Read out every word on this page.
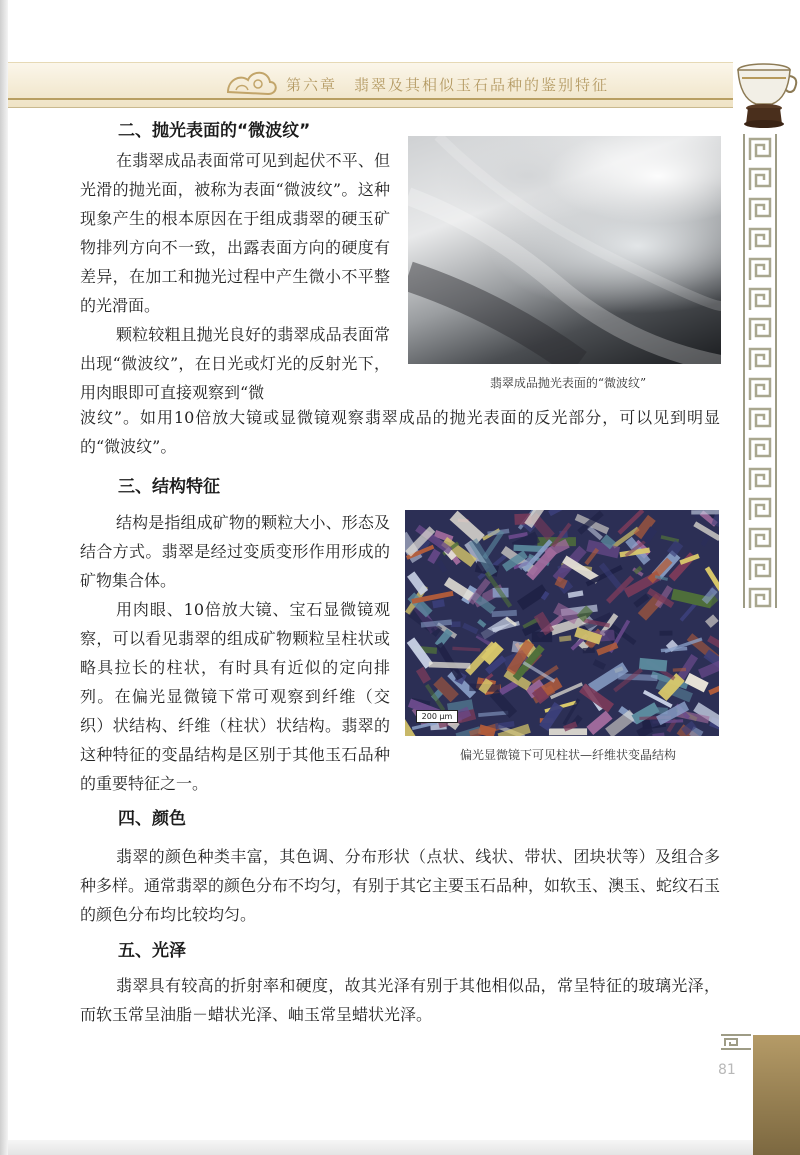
第六章　翡翠及其相似玉石品种的鉴别特征
81
二、抛光表面的“微波纹”

在翡翠成品表面常可见到起伏不平、但光滑的抛光面，被称为表面“微波纹”。这种现象产生的根本原因在于组成翡翠的硬玉矿物排列方向不一致，出露表面方向的硬度有差异，在加工和抛光过程中产生微小不平整的光滑面。

颗粒较粗且抛光良好的翡翠成品表面常出现“微波纹”，在日光或灯光的反射光下，用肉眼即可直接观察到“微

波纹”。如用10倍放大镜或显微镜观察翡翠成品的抛光表面的反光部分，可以见到明显的“微波纹”。

翡翠成品抛光表面的“微波纹”
三、结构特征

结构是指组成矿物的颗粒大小、形态及结合方式。翡翠是经过变质变形作用形成的矿物集合体。

用肉眼、10倍放大镜、宝石显微镜观察，可以看见翡翠的组成矿物颗粒呈柱状或略具拉长的柱状，有时具有近似的定向排列。在偏光显微镜下常可观察到纤维（交织）状结构、纤维（柱状）状结构。翡翠的这种特征的变晶结构是区别于其他玉石品种的重要特征之一。

200 μm
偏光显微镜下可见柱状—纤维状变晶结构
四、颜色

翡翠的颜色种类丰富，其色调、分布形状（点状、线状、带状、团块状等）及组合多种多样。通常翡翠的颜色分布不均匀，有别于其它主要玉石品种，如软玉、澳玉、蛇纹石玉的颜色分布均比较均匀。

五、光泽

翡翠具有较高的折射率和硬度，故其光泽有别于其他相似品，常呈特征的玻璃光泽，而软玉常呈油脂－蜡状光泽、岫玉常呈蜡状光泽。
